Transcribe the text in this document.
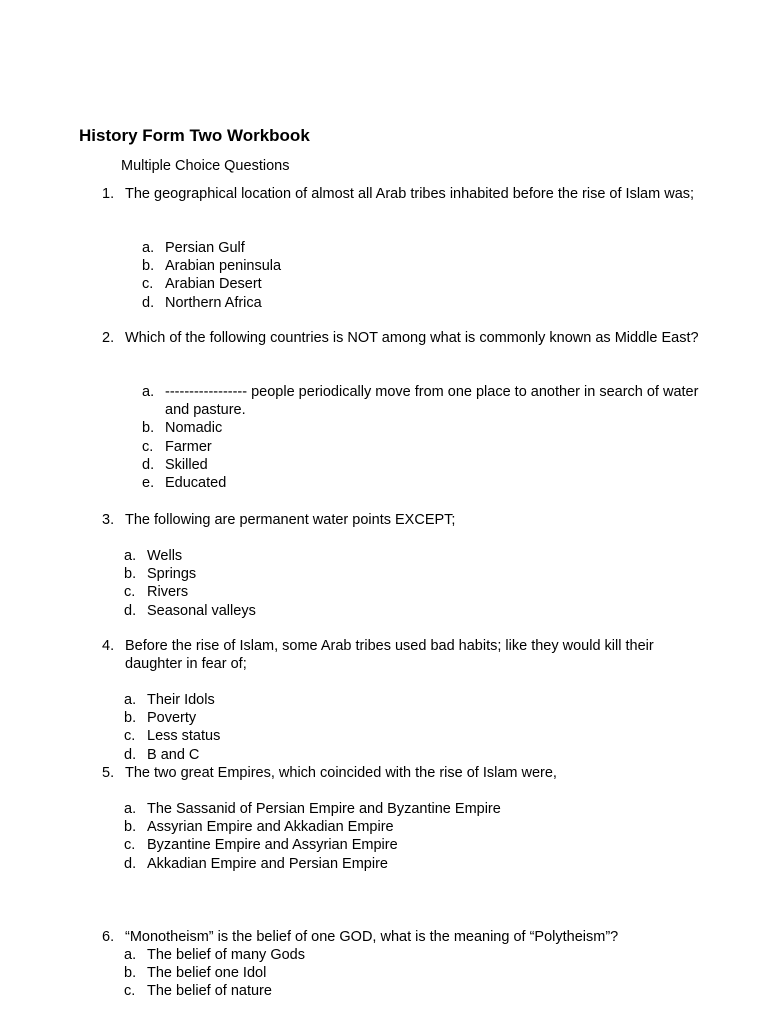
History Form Two Workbook
Multiple Choice Questions
1. The geographical location of almost all Arab tribes inhabited before the rise of Islam was;
a. Persian Gulf
b. Arabian peninsula
c. Arabian Desert
d. Northern Africa
2. Which of the following countries is NOT among what is commonly known as Middle East?
a. ----------------- people periodically move from one place to another in search of water and pasture.
b. Nomadic
c. Farmer
d. Skilled
e. Educated
3. The following are permanent water points EXCEPT;
a. Wells
b. Springs
c. Rivers
d. Seasonal valleys
4. Before the rise of Islam, some Arab tribes used bad habits; like they would kill their daughter in fear of;
a. Their Idols
b. Poverty
c. Less status
d. B and C
5. The two great Empires, which coincided with the rise of Islam were,
a. The Sassanid of Persian Empire and Byzantine Empire
b. Assyrian Empire and Akkadian Empire
c. Byzantine Empire and Assyrian Empire
d. Akkadian Empire and Persian Empire
6. “Monotheism” is the belief of one GOD, what is the meaning of “Polytheism”?
a. The belief of many Gods
b. The belief one Idol
c. The belief of nature
